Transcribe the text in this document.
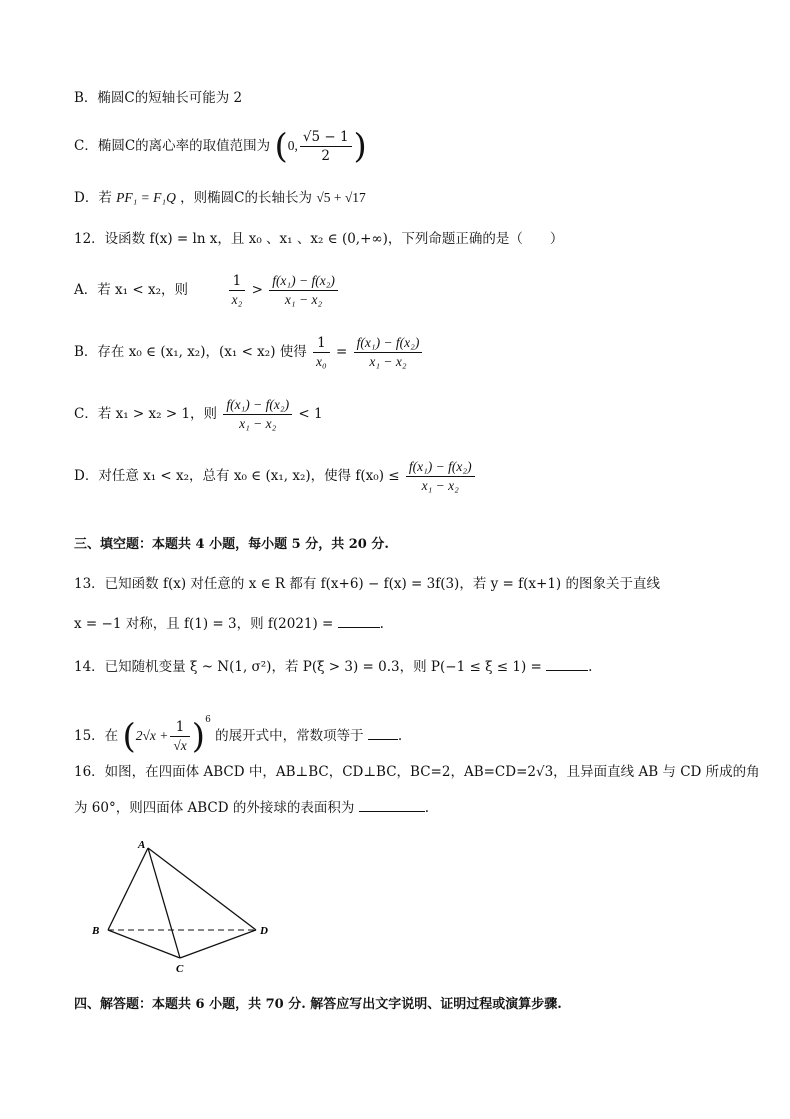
B．椭圆C的短轴长可能为 2
C．椭圆C的离心率的取值范围为 (0, $\frac{√5 - 1}{2}$ )
D．若 PF₁ = F₁Q ，则椭圆C的长轴长为 √5 + √17
12．设函数 f(x) = ln x，且 x₀ 、x₁ 、x₂ ∈ (0,+∞)，下列命题正确的是（　　）
A．若 x₁ < x₂，则	$\frac{1}{\text{x₂}} > \frac{\text{f(x₁) − f(x₂)}}{\text{x₁ − x₂}}$
B．存在 x₀ ∈ (x₁, x₂)，(x₁ < x₂) 使得 $\frac{1}{\text{x₀}} = \frac{\text{f(x₁) − f(x₂)}}{\text{x₁ − x₂}}$
C．若 x₁ > x₂ > 1，则 $\frac{\text{f(x₁) − f(x₂)}}{\text{x₁ − x₂}} < 1$
D．对任意 x₁ < x₂，总有 x₀ ∈ (x₁, x₂)，使得 $f(x_0) \le \frac{\text{f(x₁) − f(x₂)}}{\text{x₁ − x₂}}$
三、填空题：本题共 4 小题，每小题 5 分，共 20 分.
13．已知函数 f(x) 对任意的 x ∈ R 都有 f(x+6) − f(x) = 3f(3)，若 y = f(x+1) 的图象关于直线
x = −1 对称，且 f(1) = 3，则 f(2021) =	.
14．已知随机变量 ξ ~ N(1, σ²)，若 P(ξ > 3) = 0.3，则 P(−1 ≤ ξ ≤ 1) =	.
15．在 $(2√x + \frac{1}{√x} )^6$ 的展开式中，常数项等于	.
16．如图，在四面体 ABCD 中，AB⊥BC，CD⊥BC，BC=2，AB=CD=2√3，且异面直线 AB 与 CD 所成的角
为 60°，则四面体 ABCD 的外接球的表面积为	.
A
B
C
D
四、解答题：本题共 6 小题，共 70 分. 解答应写出文字说明、证明过程或演算步骤.
